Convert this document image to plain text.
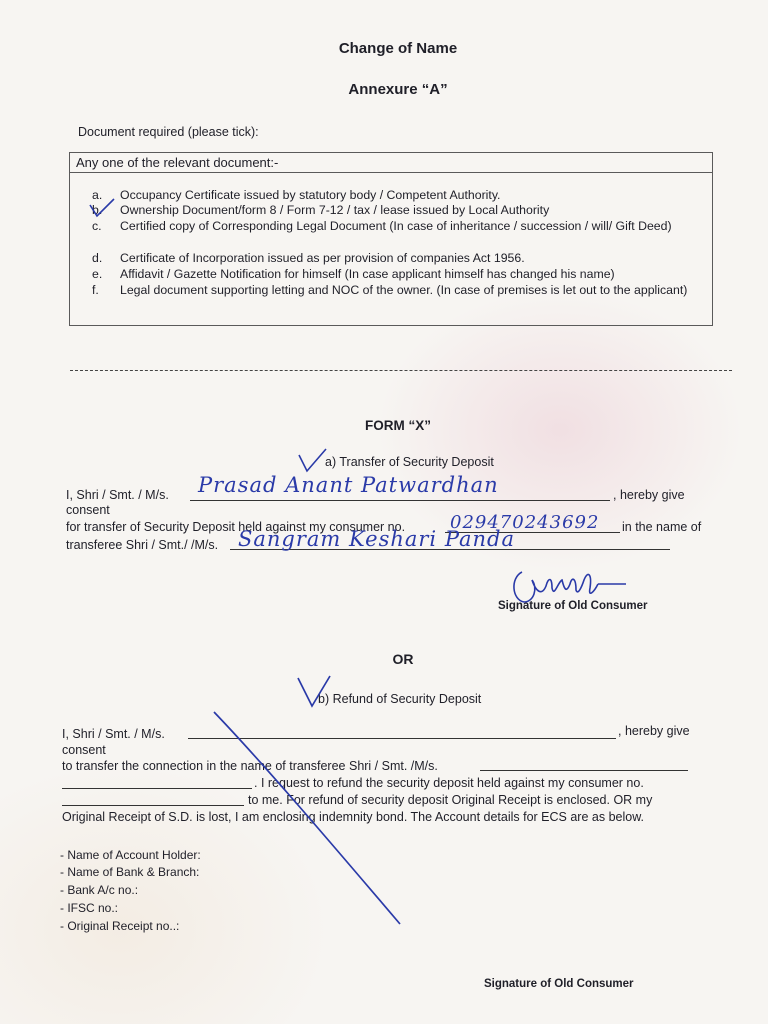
Change of Name
Annexure “A”
Document required (please tick):
Any one of the relevant document:-
a.	Occupancy Certificate issued by statutory body / Competent Authority.
b.	Ownership Document/form 8 / Form 7-12 / tax / lease issued by Local Authority
c.	Certified copy of Corresponding Legal Document (In case of inheritance / succession / will/ Gift Deed)
d.	Certificate of Incorporation issued as per provision of companies Act 1956.
e.	Affidavit / Gazette Notification for himself (In case applicant himself has changed his name)
f.	Legal document supporting letting and NOC of the owner. (In case of premises is let out to the applicant)
FORM “X”
a) Transfer of Security Deposit
I, Shri / Smt. / M/s. Prasad Anant Patwardhan	, hereby give
consent
for transfer of Security Deposit held against my consumer no. 029470243692 in the name of
transferee Shri / Smt./ /M/s. Sangram Keshari Panda
Signature of Old Consumer
OR
b) Refund of Security Deposit
I, Shri / Smt. / M/s.	, hereby give
consent
to transfer the connection in the name of transferee Shri / Smt. /M/s.
. I request to refund the security deposit held against my consumer no.
to me. For refund of security deposit Original Receipt is enclosed. OR my
Original Receipt of S.D. is lost, I am enclosing indemnity bond. The Account details for ECS are as below.
- Name of Account Holder:
- Name of Bank & Branch:
- Bank A/c no.:
- IFSC no.:
- Original Receipt no..:
Signature of Old Consumer
